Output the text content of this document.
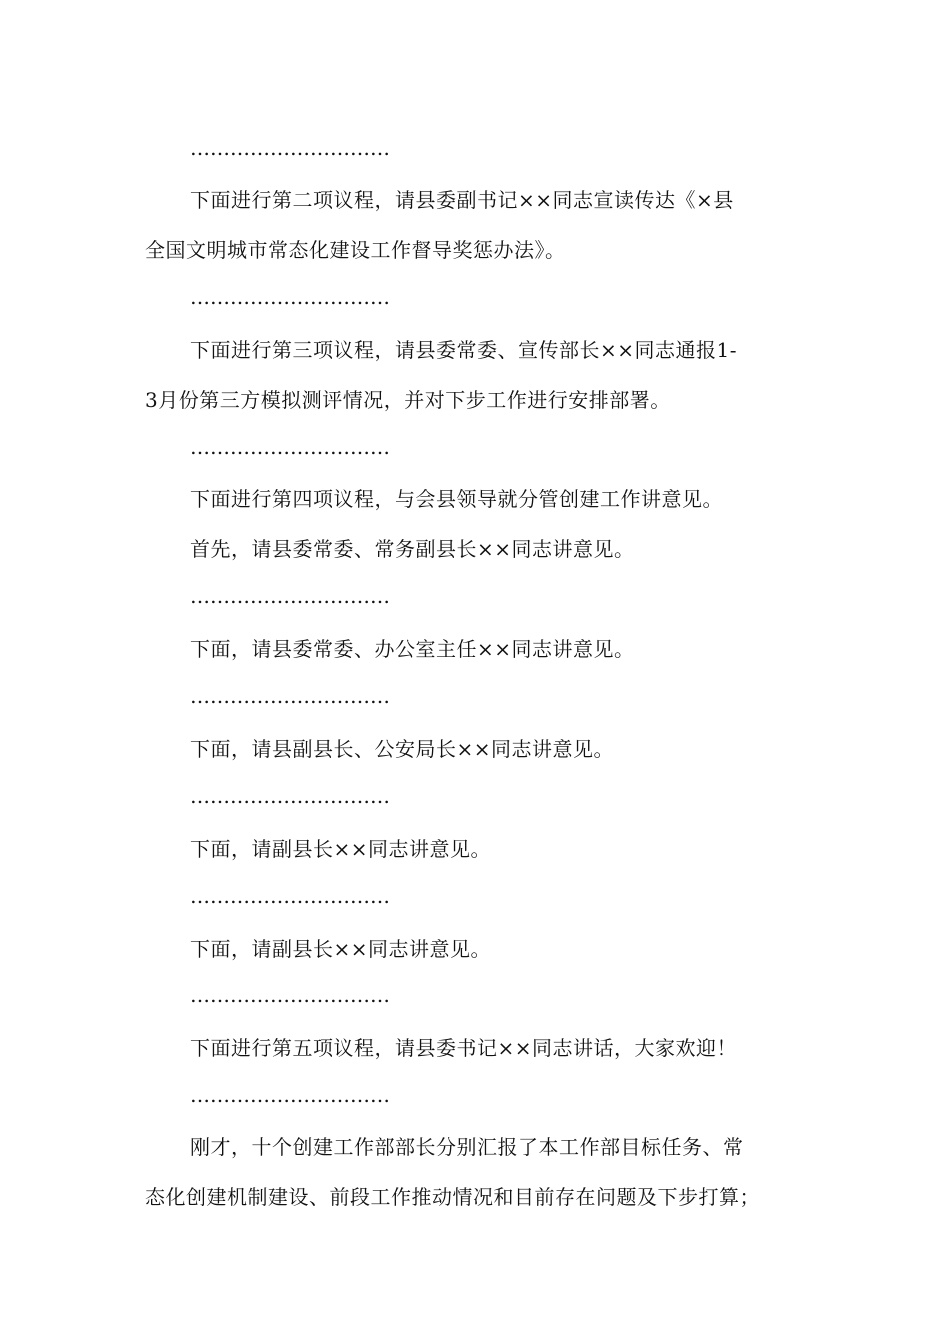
…………………………
下面进行第二项议程，请县委副书记××同志宣读传达《×县
全国文明城市常态化建设工作督导奖惩办法》。
…………………………
下面进行第三项议程，请县委常委、宣传部长××同志通报1-
3月份第三方模拟测评情况，并对下步工作进行安排部署。
…………………………
下面进行第四项议程，与会县领导就分管创建工作讲意见。
首先，请县委常委、常务副县长××同志讲意见。
…………………………
下面，请县委常委、办公室主任××同志讲意见。
…………………………
下面，请县副县长、公安局长××同志讲意见。
…………………………
下面，请副县长××同志讲意见。
…………………………
下面，请副县长××同志讲意见。
…………………………
下面进行第五项议程，请县委书记××同志讲话，大家欢迎！
…………………………
刚才，十个创建工作部部长分别汇报了本工作部目标任务、常
态化创建机制建设、前段工作推动情况和目前存在问题及下步打算；
